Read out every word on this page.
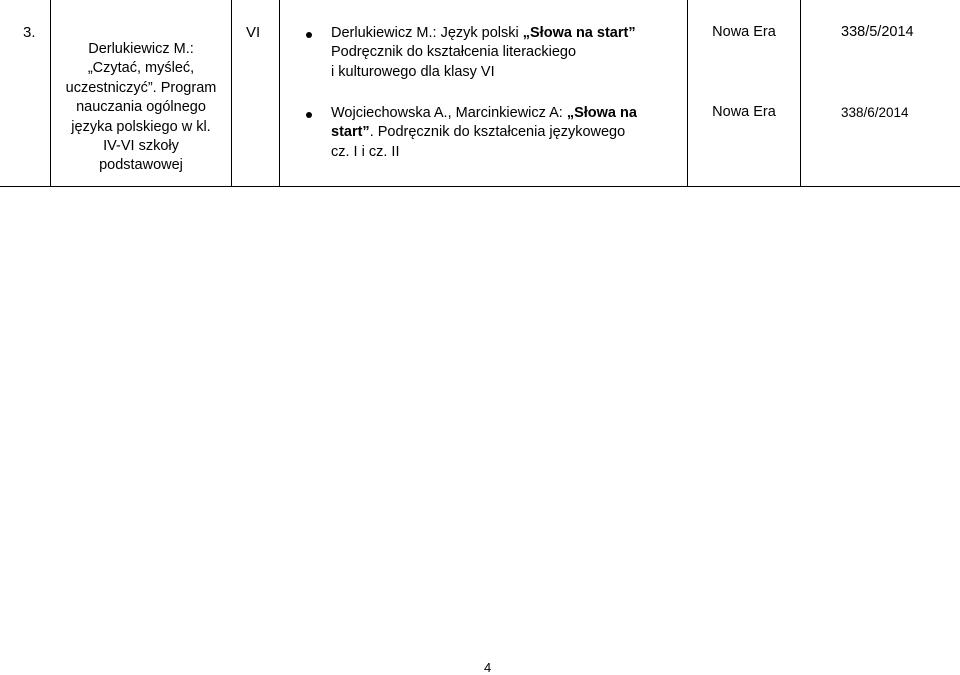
3.
Derlukiewicz M.:
„Czytać, myśleć,
uczestniczyć”. Program
nauczania ogólnego
języka polskiego w kl.
IV-VI szkoły
podstawowej
VI	Derlukiewicz M.: Język polski „Słowa na start”
Podręcznik do kształcenia literackiego
i kulturowego dla klasy VI
Wojciechowska A., Marcinkiewicz A: „Słowa na
start”. Podręcznik do kształcenia językowego
cz. I i cz. II
Nowa Era
Nowa Era
338/5/2014
338/6/2014
4
